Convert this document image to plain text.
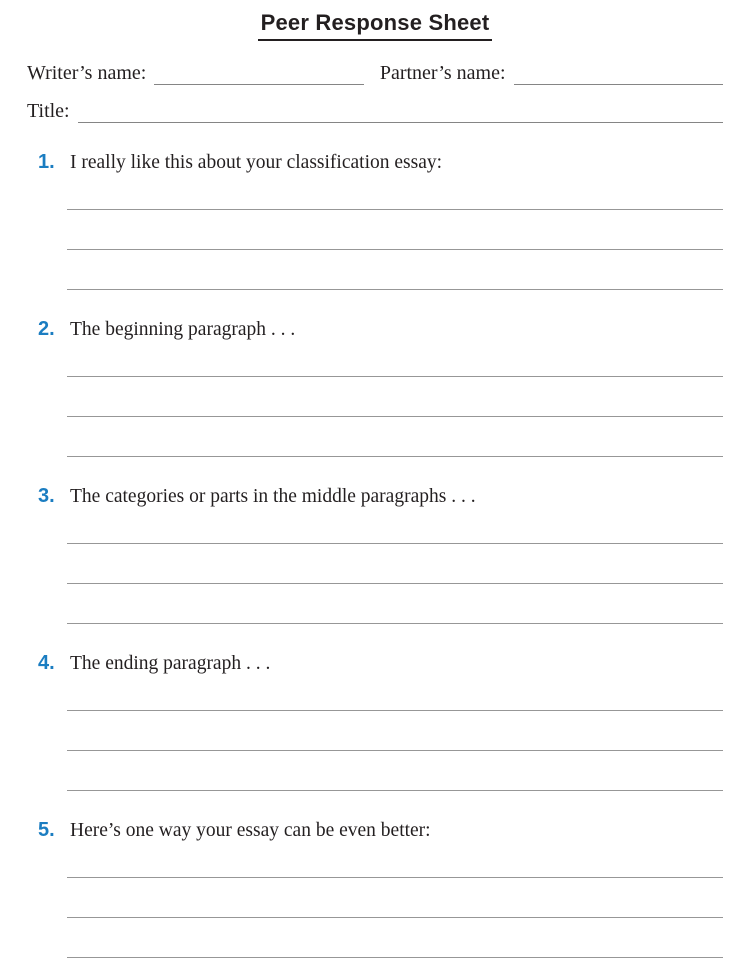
Peer Response Sheet
Writer’s name:	Partner’s name:
Title:
1. I really like this about your classification essay:
2. The beginning paragraph . . .
3. The categories or parts in the middle paragraphs . . .
4. The ending paragraph . . .
5. Here’s one way your essay can be even better:
